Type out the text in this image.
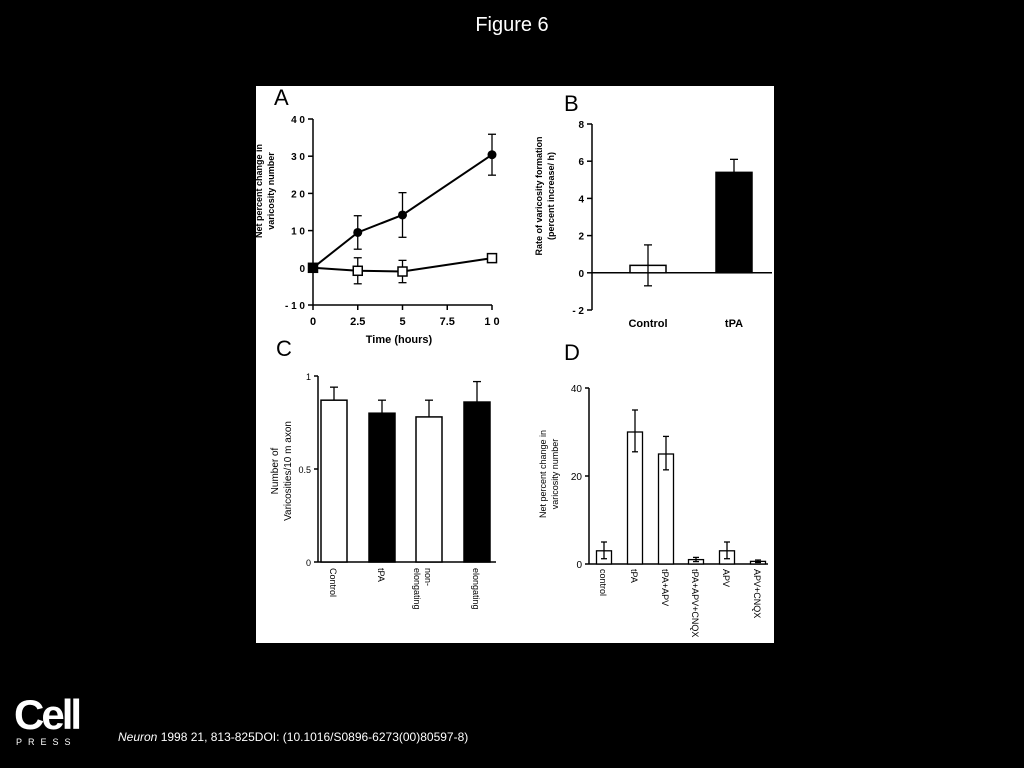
Figure 6
A	B
C	D
4 0
3 0
2 0
1 0
0
- 1 0
0	2.5	5	7.5	1 0
Time (hours)
Net percent change in varicosity number
8
6
4
2
0
- 2
Rate of varicosity formation (percent increase/ h)
Control	tPA
1
0.5
0
Number of Varicosities/10 m axon
Control	tPA	non-elongating	elongating
40
20
0
Net percent change in varicosity number
control tPA tPA+APV tPA+APV+CNQX APV APV+CNQX
Cell
PRESS	Neuron 1998 21, 813-825DOI: (10.1016/S0896-6273(00)80597-8)
